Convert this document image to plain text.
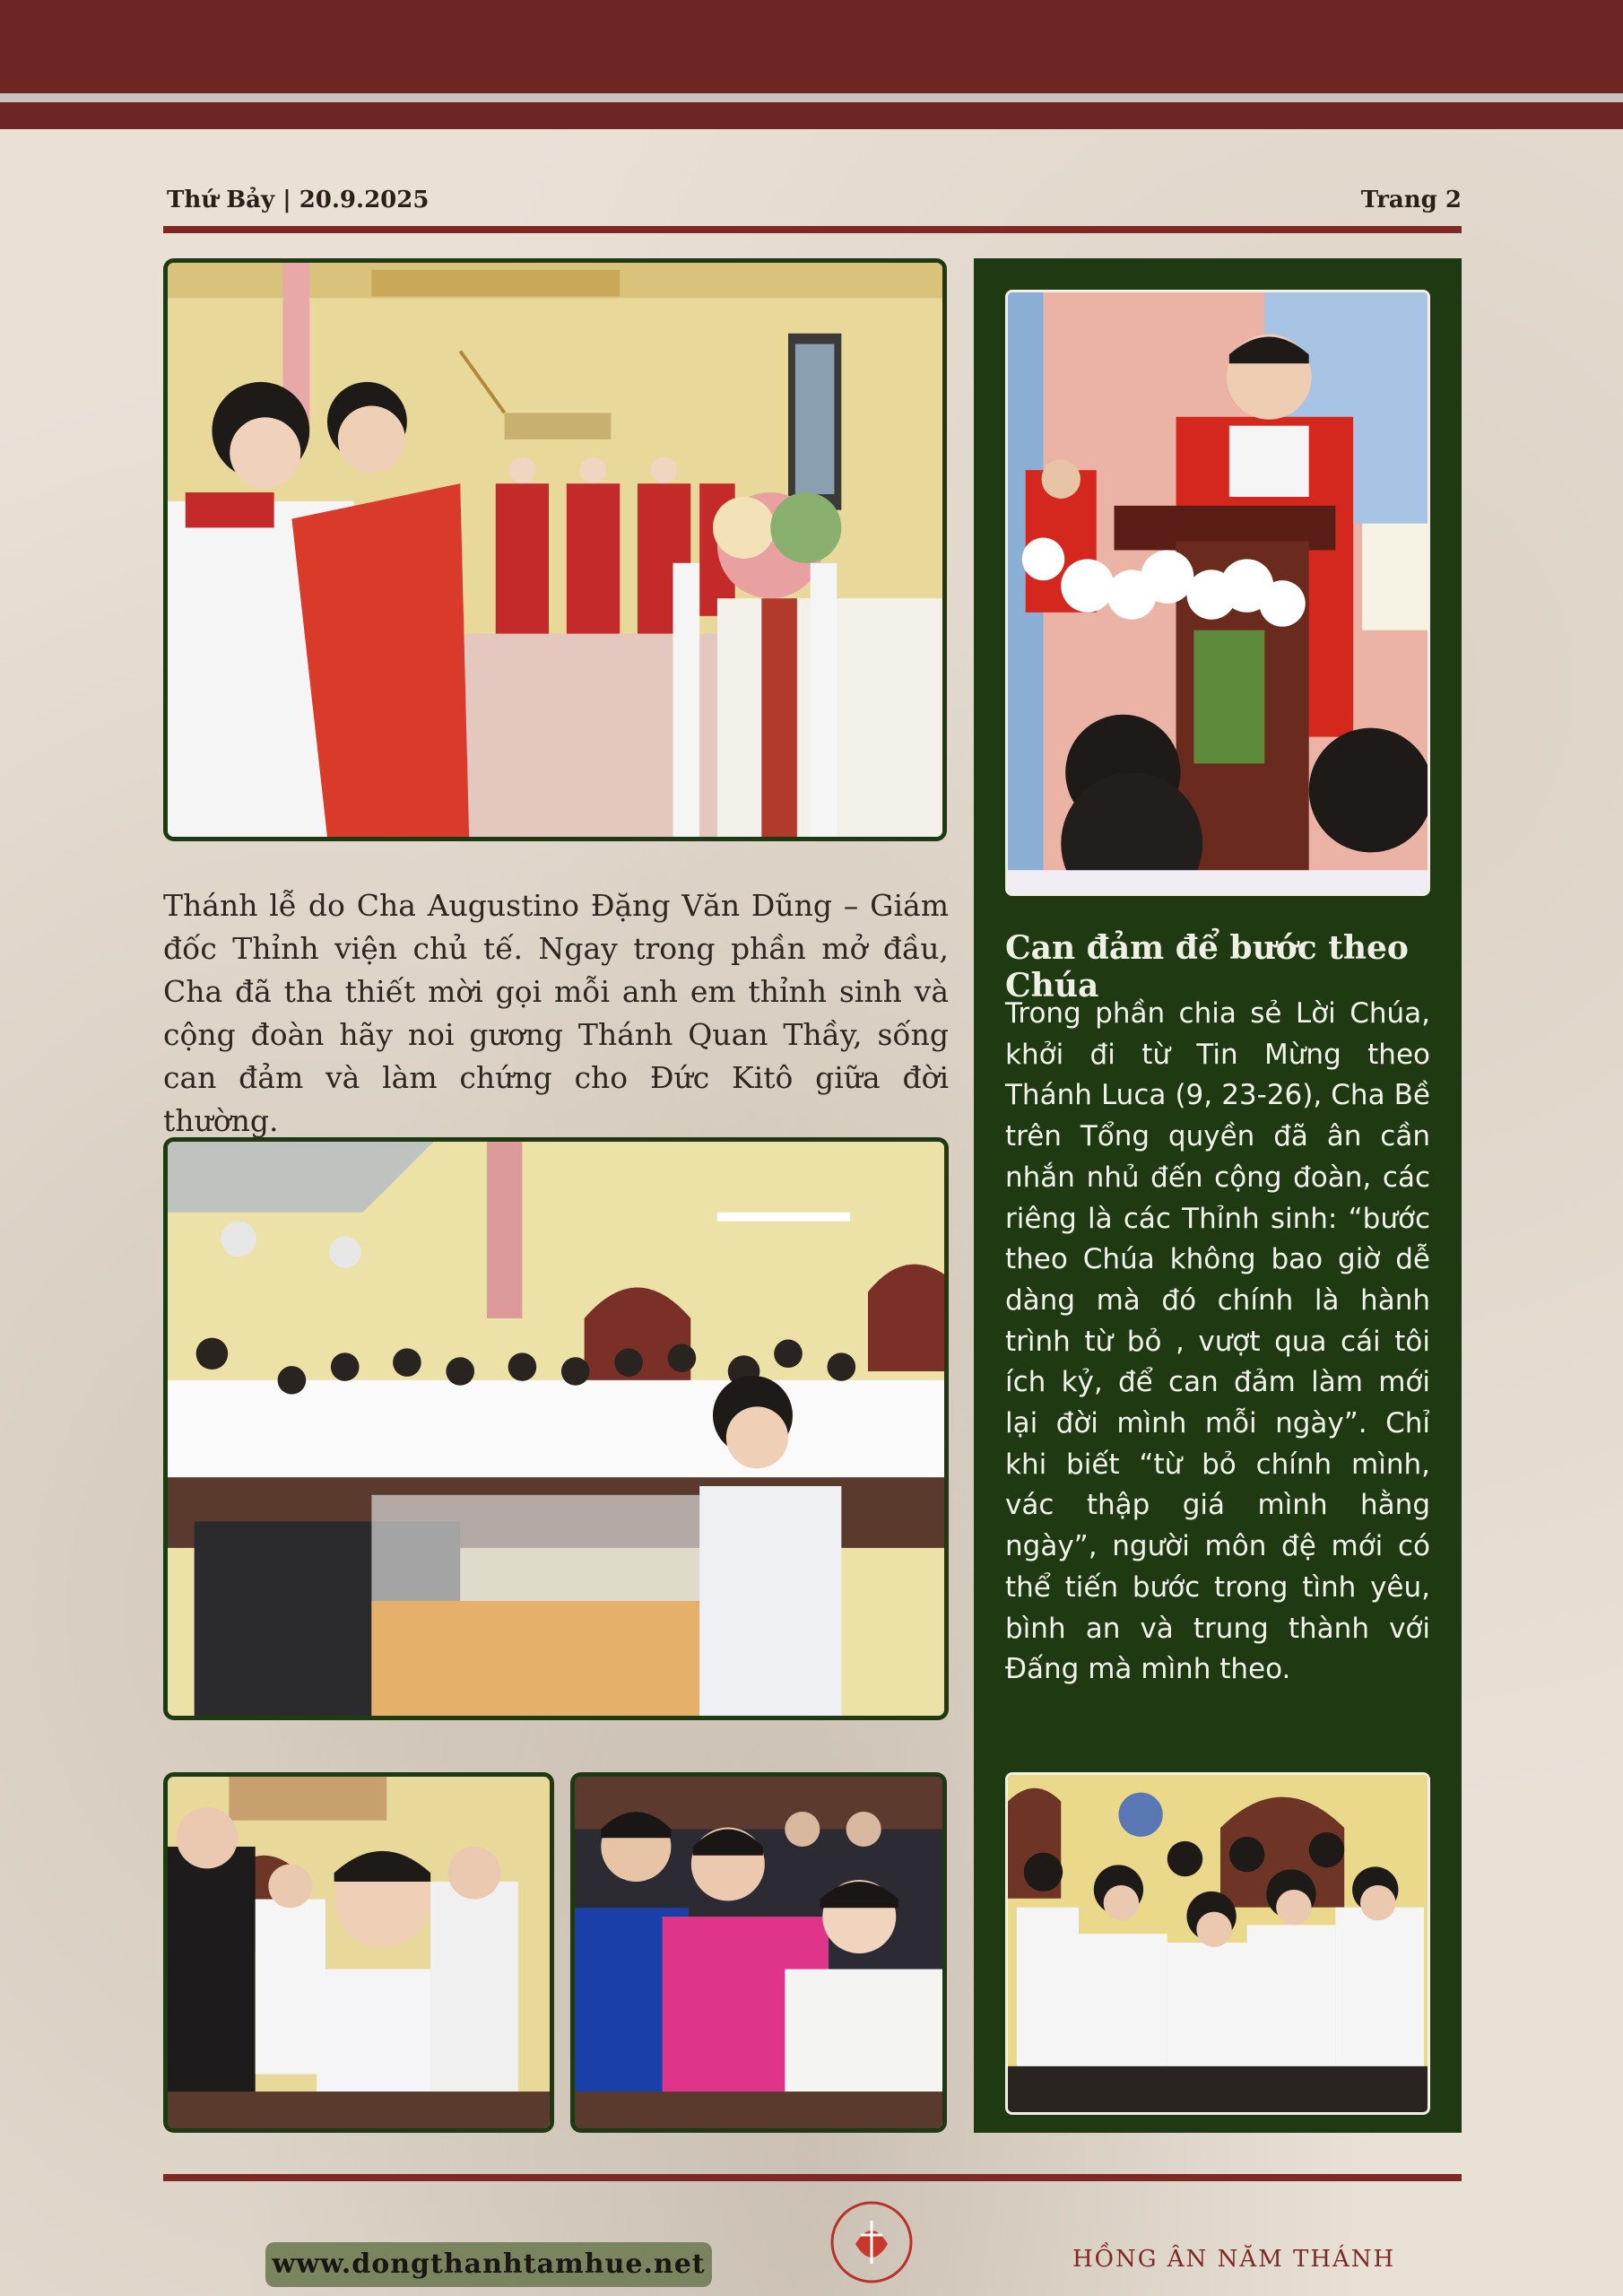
Thứ Bảy | 20.9.2025	Trang 2
Thánh lễ do Cha Augustino Đặng Văn Dũng – Giám đốc Thỉnh viện chủ tế. Ngay trong phần mở đầu, Cha đã tha thiết mời gọi mỗi anh em thỉnh sinh và cộng đoàn hãy noi gương Thánh Quan Thầy, sống can đảm và làm chứng cho Đức Kitô giữa đời thường.
Can đảm để bước theo Chúa
Trong phần chia sẻ Lời Chúa, khởi đi từ Tin Mừng theo Thánh Luca (9, 23-26), Cha Bề trên Tổng quyền đã ân cần nhắn nhủ đến cộng đoàn, các riêng là các Thỉnh sinh: “bước theo Chúa không bao giờ dễ dàng mà đó chính là hành trình từ bỏ , vượt qua cái tôi ích kỷ, để can đảm làm mới lại đời mình mỗi ngày”. Chỉ khi biết “từ bỏ chính mình, vác thập giá mình hằng ngày”, người môn đệ mới có thể tiến bước trong tình yêu, bình an và trung thành với Đấng mà mình theo.
www.dongthanhtamhue.net	HỒNG ÂN NĂM THÁNH
